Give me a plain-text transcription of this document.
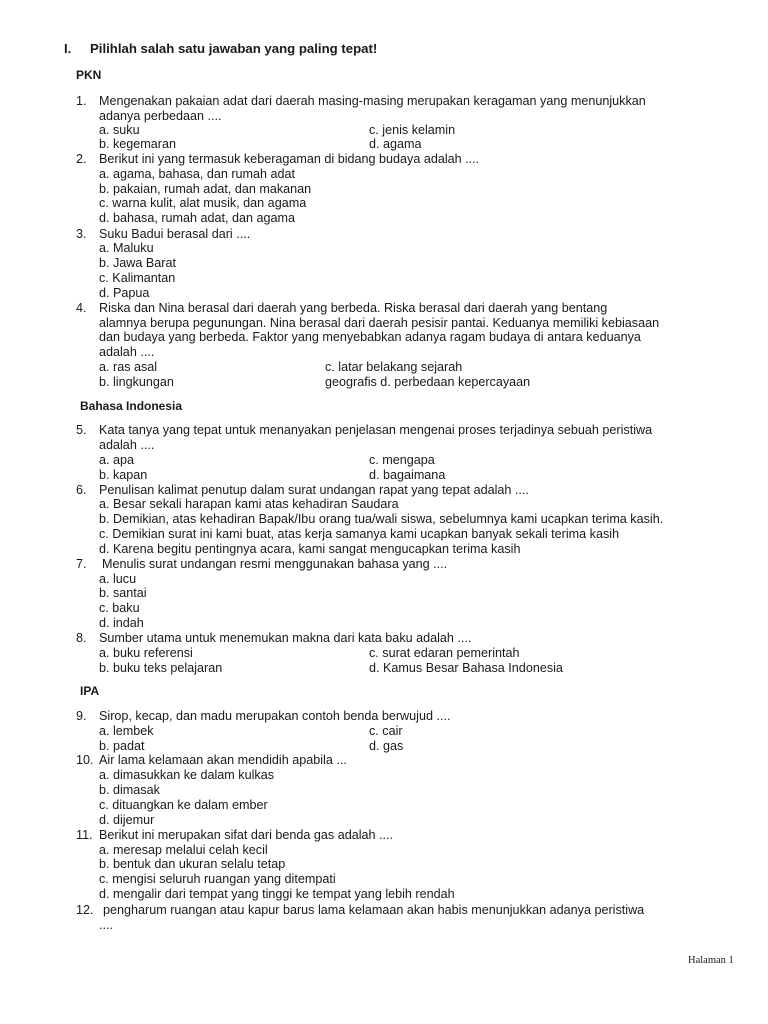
I. Pilihlah salah satu jawaban yang paling tepat!
PKN
1. Mengenakan pakaian adat dari daerah masing-masing merupakan keragaman yang menunjukkan
adanya perbedaan ....
a. suku
b. kegemaran
c. jenis kelamin
d. agama
2. Berikut ini yang termasuk keberagaman di bidang budaya adalah ....
a. agama, bahasa, dan rumah adat
b. pakaian, rumah adat, dan makanan
c. warna kulit, alat musik, dan agama
d. bahasa, rumah adat, dan agama
3. Suku Badui berasal dari ....
a. Maluku
b. Jawa Barat
c. Kalimantan
d. Papua
4. Riska dan Nina berasal dari daerah yang berbeda. Riska berasal dari daerah yang bentang
alamnya berupa pegunungan. Nina berasal dari daerah pesisir pantai. Keduanya memiliki kebiasaan
dan budaya yang berbeda. Faktor yang menyebabkan adanya ragam budaya di antara keduanya
adalah ....
a. ras asal
b. lingkungan
c. latar belakang sejarah
geografis d. perbedaan kepercayaan
Bahasa Indonesia
5. Kata tanya yang tepat untuk menanyakan penjelasan mengenai proses terjadinya sebuah peristiwa
adalah ....
a. apa
b. kapan
c. mengapa
d. bagaimana
6. Penulisan kalimat penutup dalam surat undangan rapat yang tepat adalah ....
a. Besar sekali harapan kami atas kehadiran Saudara
b. Demikian, atas kehadiran Bapak/Ibu orang tua/wali siswa, sebelumnya kami ucapkan terima kasih.
c. Demikian surat ini kami buat, atas kerja samanya kami ucapkan banyak sekali terima kasih
d. Karena begitu pentingnya acara, kami sangat mengucapkan terima kasih
7. Menulis surat undangan resmi menggunakan bahasa yang ....
a. lucu
b. santai
c. baku
d. indah
8. Sumber utama untuk menemukan makna dari kata baku adalah ....
a. buku referensi
b. buku teks pelajaran
c. surat edaran pemerintah
d. Kamus Besar Bahasa Indonesia
IPA
9. Sirop, kecap, dan madu merupakan contoh benda berwujud ....
a. lembek
b. padat
c. cair
d. gas
10. Air lama kelamaan akan mendidih apabila ...
a. dimasukkan ke dalam kulkas
b. dimasak
c. dituangkan ke dalam ember
d. dijemur
11. Berikut ini merupakan sifat dari benda gas adalah ....
a. meresap melalui celah kecil
b. bentuk dan ukuran selalu tetap
c. mengisi seluruh ruangan yang ditempati
d. mengalir dari tempat yang tinggi ke tempat yang lebih rendah
12. pengharum ruangan atau kapur barus lama kelamaan akan habis menunjukkan adanya peristiwa
....
Halaman 1
